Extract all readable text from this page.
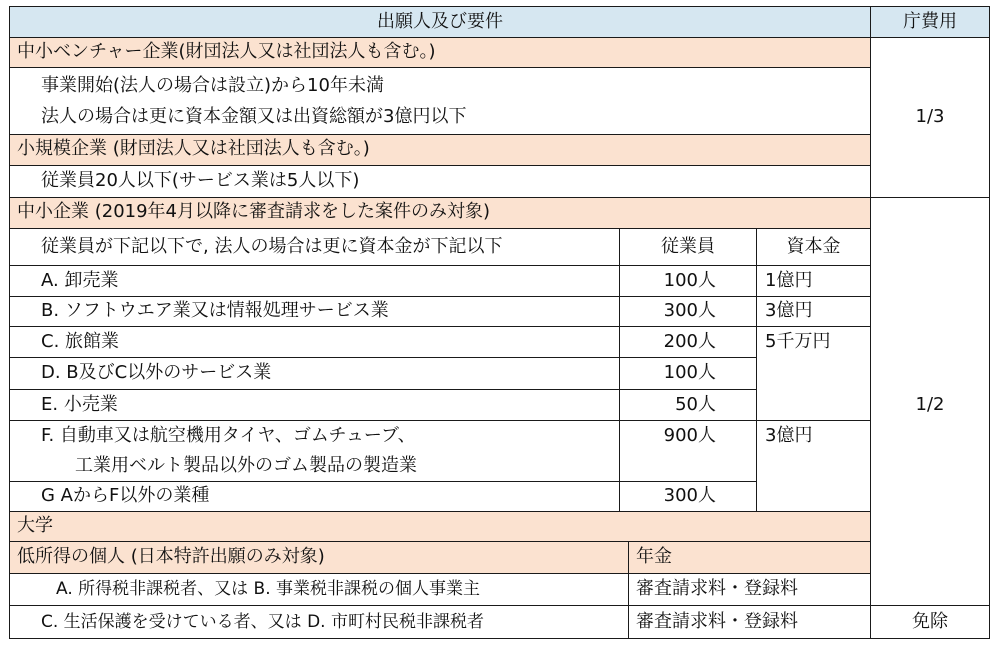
出願人及び要件	庁費用
中小ベンチャー企業(財団法人又は社団法人も含む。)
事業開始(法人の場合は設立)から10年未満
法人の場合は更に資本金額又は出資総額が3億円以下
小規模企業 (財団法人又は社団法人も含む。)
従業員20人以下(サービス業は5人以下)
1/3
中小企業 (2019年4月以降に審査請求をした案件のみ対象)
従業員が下記以下で, 法人の場合は更に資本金が下記以下	従業員	資本金
A. 卸売業	100人	1億円
B. ソフトウエア業又は情報処理サービス業	300人	3億円
C. 旅館業	200人	5千万円
D. B及びC以外のサービス業	100人
E. 小売業	50人
F. 自動車又は航空機用タイヤ、ゴムチューブ、
工業用ベルト製品以外のゴム製品の製造業
900人	3億円
G AからF以外の業種	300人
大学
低所得の個人 (日本特許出願のみ対象)	年金
A. 所得税非課税者、又は B. 事業税非課税の個人事業主	審査請求料・登録料
1/2
C. 生活保護を受けている者、又は D. 市町村民税非課税者	審査請求料・登録料	免除
